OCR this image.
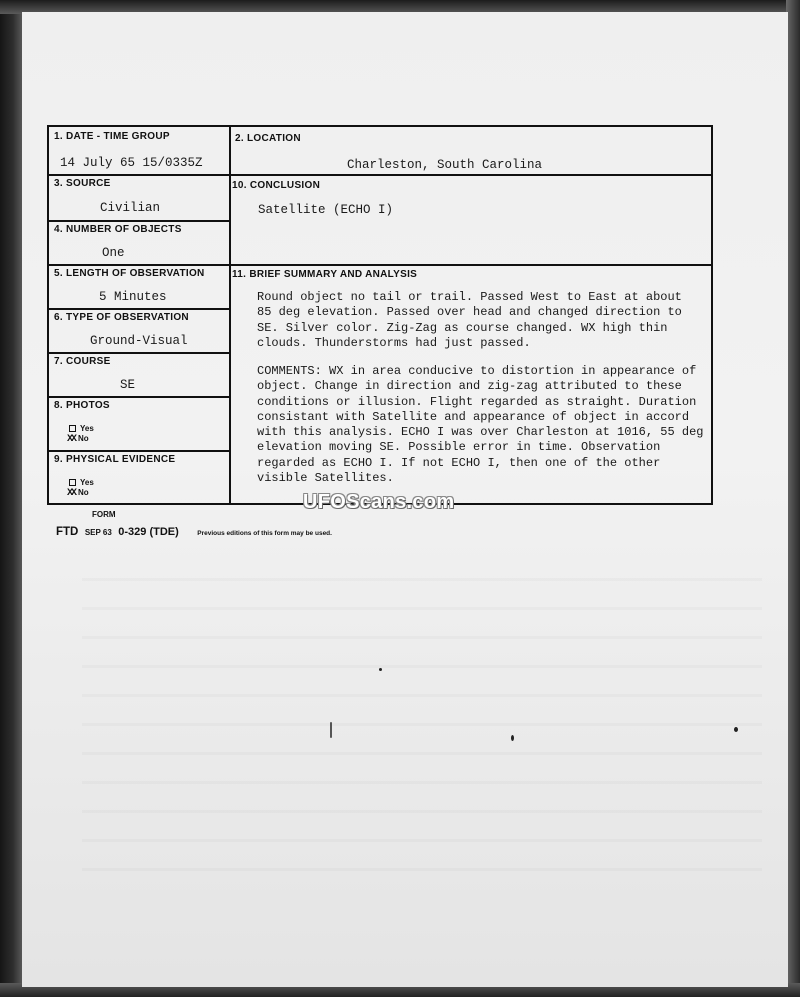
1. DATE - TIME GROUP
14 July 65 15/0335Z
2. LOCATION
Charleston, South Carolina
3. SOURCE
Civilian
10. CONCLUSION
Satellite (ECHO I)
4. NUMBER OF OBJECTS
One
5. LENGTH OF OBSERVATION
5 Minutes
11. BRIEF SUMMARY AND ANALYSIS
Round object no tail or trail. Passed West to East at about
85 deg elevation. Passed over head and changed direction to
SE. Silver color. Zig-Zag as course changed. WX high thin
clouds. Thunderstorms had just passed.
COMMENTS: WX in area conducive to distortion in appearance of
object. Change in direction and zig-zag attributed to these
conditions or illusion. Flight regarded as straight. Duration
consistant with Satellite and appearance of object in accord
with this analysis. ECHO I was over Charleston at 1016, 55 deg
elevation moving SE. Possible error in time. Observation
regarded as ECHO I. If not ECHO I, then one of the other
visible Satellites.
6. TYPE OF OBSERVATION
Ground-Visual
7. COURSE
SE
8. PHOTOS
Yes
XX No
9. PHYSICAL EVIDENCE
Yes
XX No
FORM
FTD SEP 63 0-329 (TDE)	Previous editions of this form may be used.
UFOScans.com
